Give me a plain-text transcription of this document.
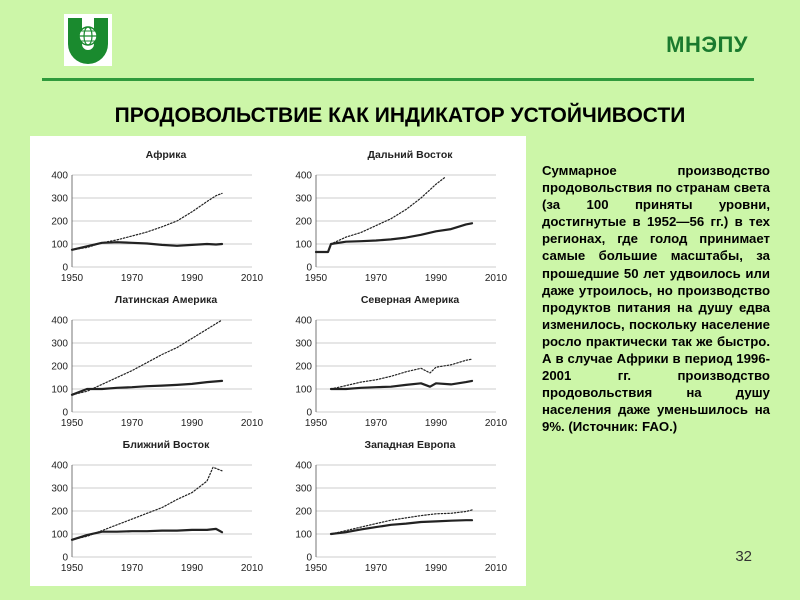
МНЭПУ
ПРОДОВОЛЬСТВИЕ КАК ИНДИКАТОР УСТОЙЧИВОСТИ
Африка
0
100
200
300
400
1950	1970	1990	2010
Дальний Восток
0
100
200
300
400
1950	1970	1990	2010
Латинская Америка
0
100
200
300
400
1950	1970	1990	2010
Северная Америка
0
100
200
300
400
1950	1970	1990	2010
Ближний Восток
0
100
200
300
400
1950	1970	1990	2010
Западная Европа
0
100
200
300
400
1950	1970	1990	2010
Суммарное производство продовольствия по странам света (за 100 приняты уровни, достигнутые в 1952—56 гг.) в тех регионах, где голод принимает самые большие масштабы, за прошедшие 50 лет удвоилось или даже утроилось, но производство продуктов питания на душу едва изменилось, поскольку население росло практически так же быстро. А в случае Африки в период 1996-2001 гг. производство продовольствия на душу населения даже уменьшилось на 9%. (Источник: FAO.)
32
